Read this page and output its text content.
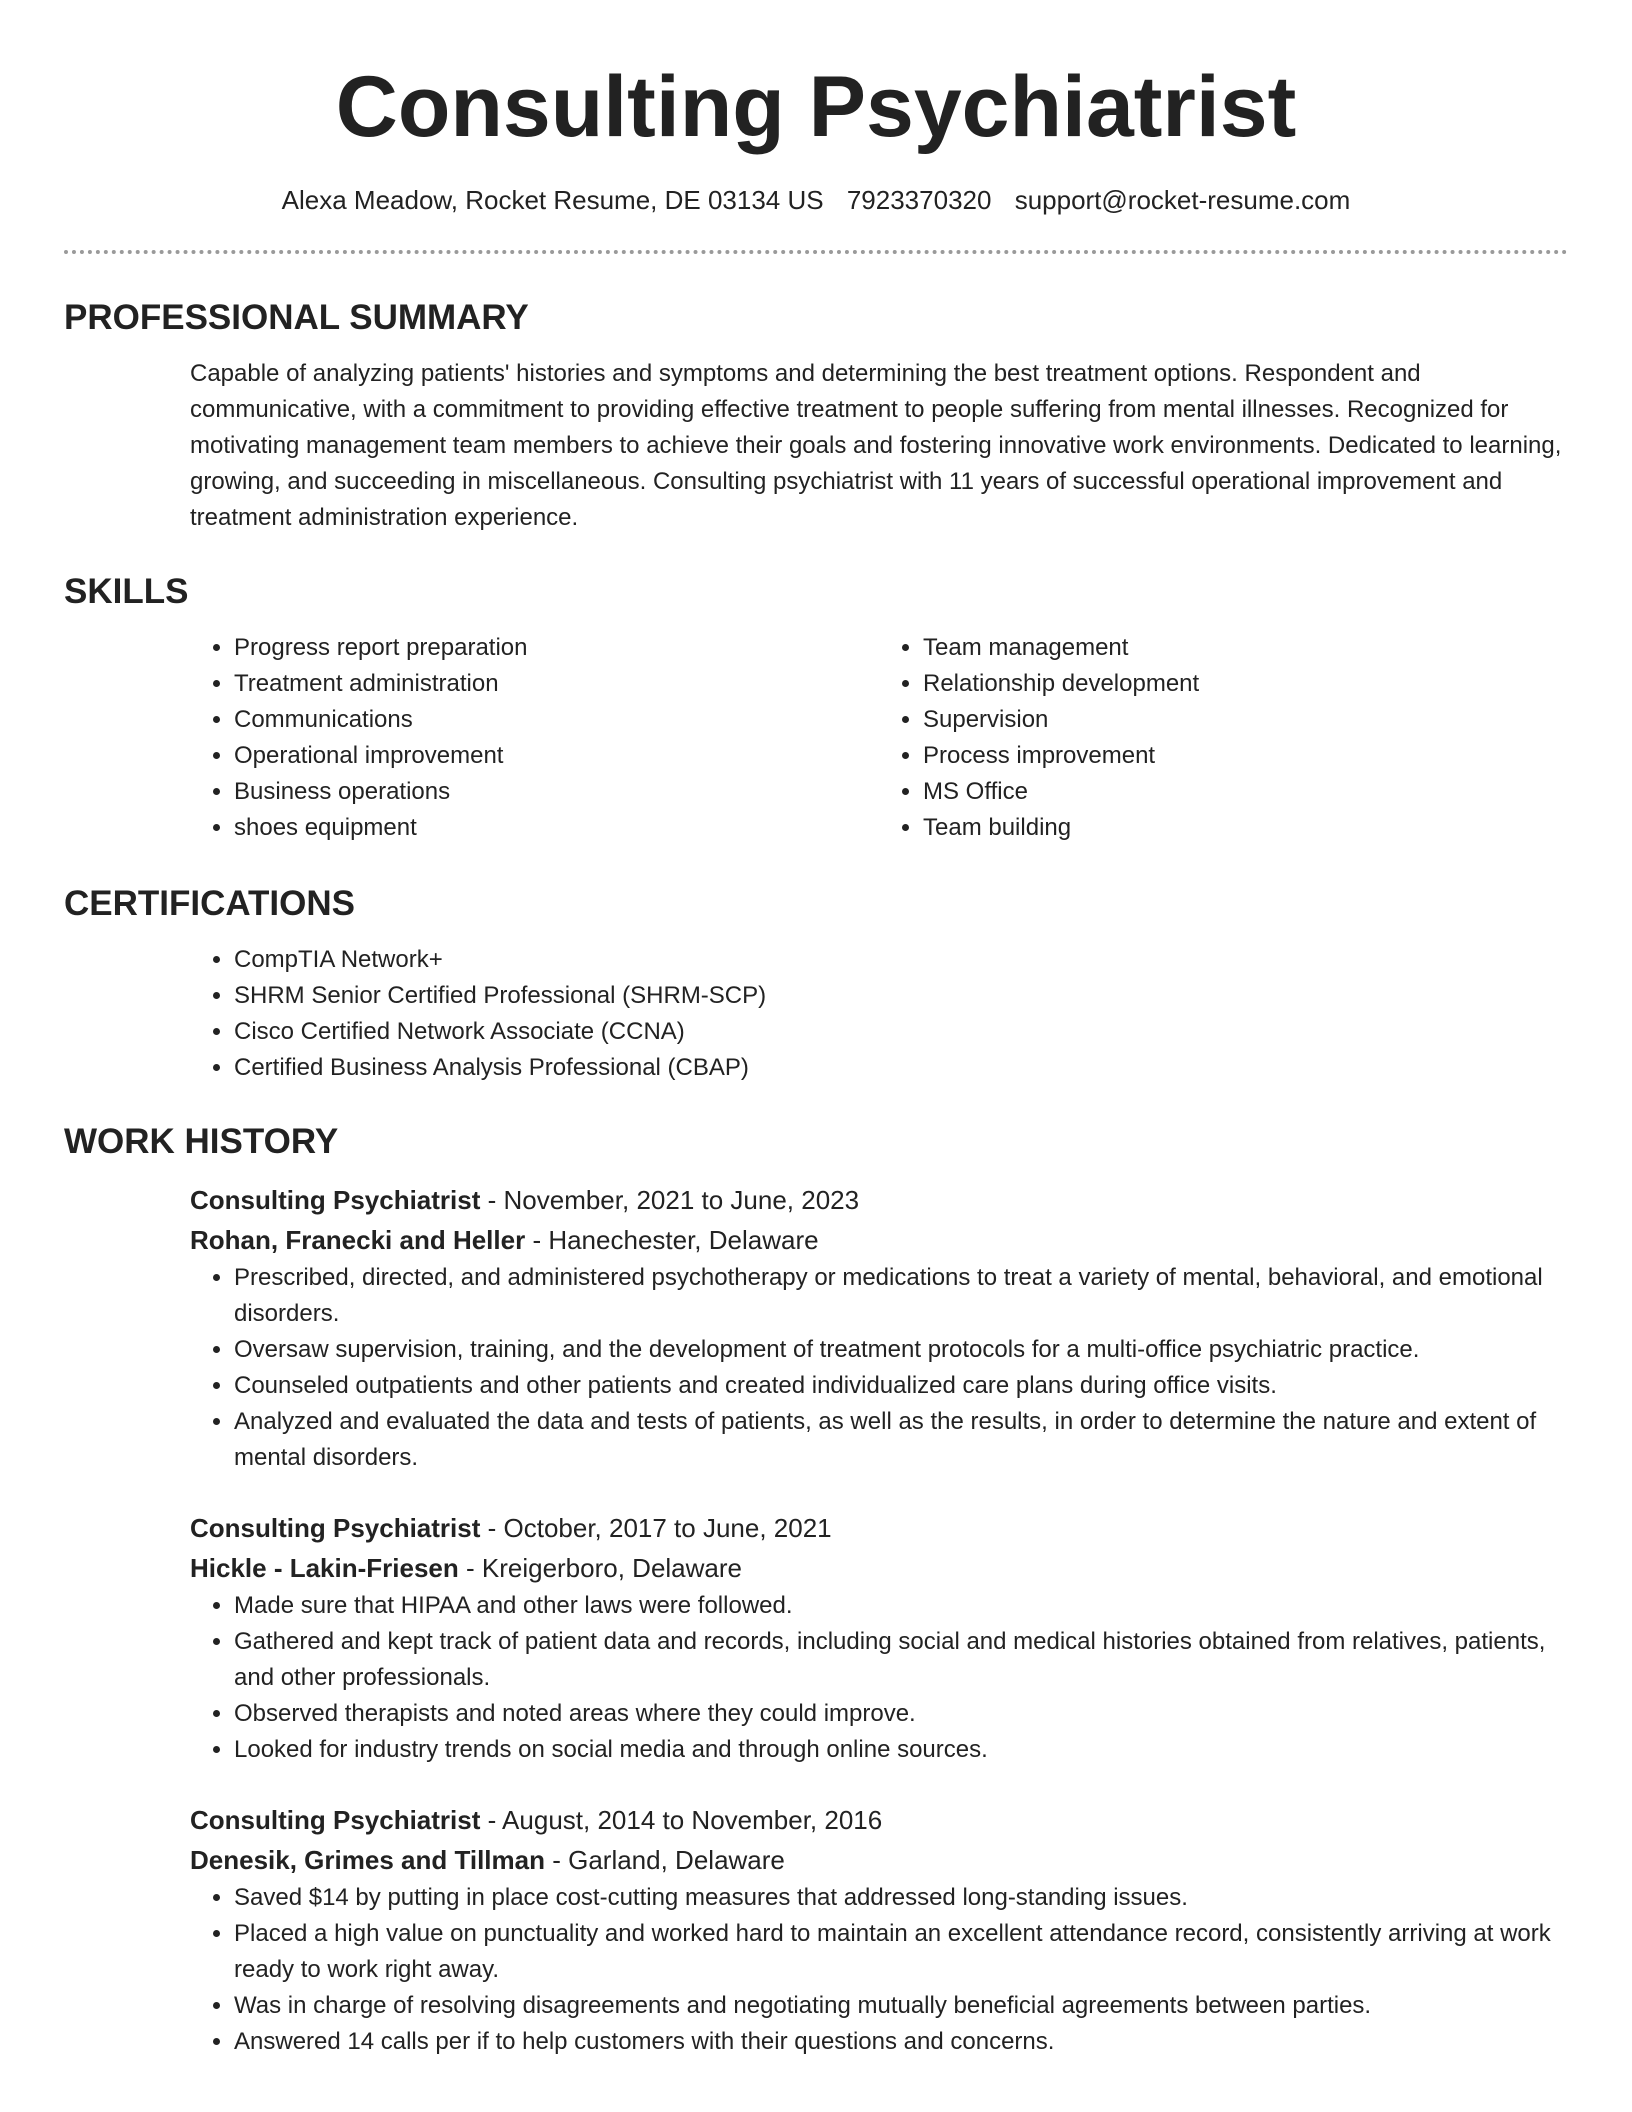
Consulting Psychiatrist
Alexa Meadow, Rocket Resume, DE 03134 US 7923370320 support@rocket-resume.com
PROFESSIONAL SUMMARY
Capable of analyzing patients' histories and symptoms and determining the best treatment options. Respondent and communicative, with a commitment to providing effective treatment to people suffering from mental illnesses. Recognized for motivating management team members to achieve their goals and fostering innovative work environments. Dedicated to learning, growing, and succeeding in miscellaneous. Consulting psychiatrist with 11 years of successful operational improvement and treatment administration experience.
SKILLS
• Progress report preparation
• Treatment administration
• Communications
• Operational improvement
• Business operations
• shoes equipment
• Team management
• Relationship development
• Supervision
• Process improvement
• MS Office
• Team building
CERTIFICATIONS
• CompTIA Network+
• SHRM Senior Certified Professional (SHRM-SCP)
• Cisco Certified Network Associate (CCNA)
• Certified Business Analysis Professional (CBAP)
WORK HISTORY
Consulting Psychiatrist - November, 2021 to June, 2023
Rohan, Franecki and Heller - Hanechester, Delaware
• Prescribed, directed, and administered psychotherapy or medications to treat a variety of mental, behavioral, and emotional disorders.
• Oversaw supervision, training, and the development of treatment protocols for a multi-office psychiatric practice.
• Counseled outpatients and other patients and created individualized care plans during office visits.
• Analyzed and evaluated the data and tests of patients, as well as the results, in order to determine the nature and extent of mental disorders.
Consulting Psychiatrist - October, 2017 to June, 2021
Hickle - Lakin-Friesen - Kreigerboro, Delaware
• Made sure that HIPAA and other laws were followed.
• Gathered and kept track of patient data and records, including social and medical histories obtained from relatives, patients, and other professionals.
• Observed therapists and noted areas where they could improve.
• Looked for industry trends on social media and through online sources.
Consulting Psychiatrist - August, 2014 to November, 2016
Denesik, Grimes and Tillman - Garland, Delaware
• Saved $14 by putting in place cost-cutting measures that addressed long-standing issues.
• Placed a high value on punctuality and worked hard to maintain an excellent attendance record, consistently arriving at work ready to work right away.
• Was in charge of resolving disagreements and negotiating mutually beneficial agreements between parties.
• Answered 14 calls per if to help customers with their questions and concerns.
